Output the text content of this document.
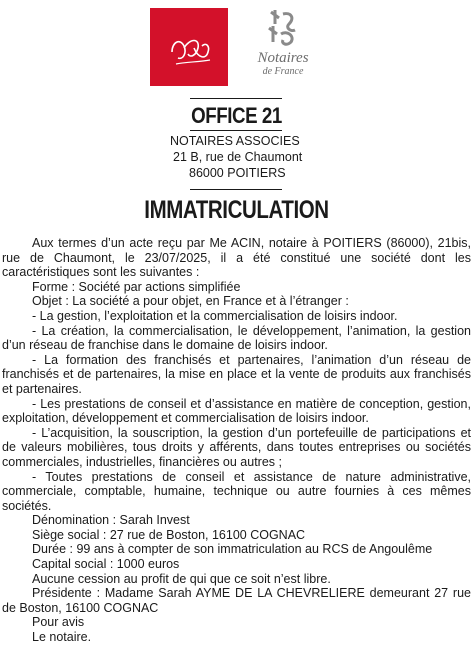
Notaires
de France
OFFICE 21
NOTAIRES ASSOCIES
21 B, rue de Chaumont
86000 POITIERS
IMMATRICULATION

Aux termes d’un acte reçu par Me ACIN, notaire à POITIERS (86000), 21bis, rue de Chaumont, le 23/07/2025, il a été constitué une société dont les caractéristiques sont les suivantes :

Forme : Société par actions simplifiée

Objet : La société a pour objet, en France et à l’étranger :

- La gestion, l’exploitation et la commercialisation de loisirs indoor.

- La création, la commercialisation, le développement, l’animation, la gestion d’un réseau de franchise dans le domaine de loisirs indoor.

- La formation des franchisés et partenaires, l’animation d’un réseau de franchisés et de partenaires, la mise en place et la vente de produits aux franchisés et partenaires.

- Les prestations de conseil et d’assistance en matière de conception, gestion, exploitation, développement et commercialisation de loisirs indoor.

- L’acquisition, la souscription, la gestion d’un portefeuille de participations et de valeurs mobilières, tous droits y afférents, dans toutes entreprises ou sociétés commerciales, industrielles, financières ou autres ;

- Toutes prestations de conseil et assistance de nature administrative, commerciale, comptable, humaine, technique ou autre fournies à ces mêmes sociétés.

Dénomination : Sarah Invest

Siège social : 27 rue de Boston, 16100 COGNAC

Durée : 99 ans à compter de son immatriculation au RCS de Angoulême

Capital social : 1000 euros

Aucune cession au profit de qui que ce soit n’est libre.

Présidente : Madame Sarah AYME DE LA CHEVRELIERE demeurant 27 rue de Boston, 16100 COGNAC

Pour avis

Le notaire.
